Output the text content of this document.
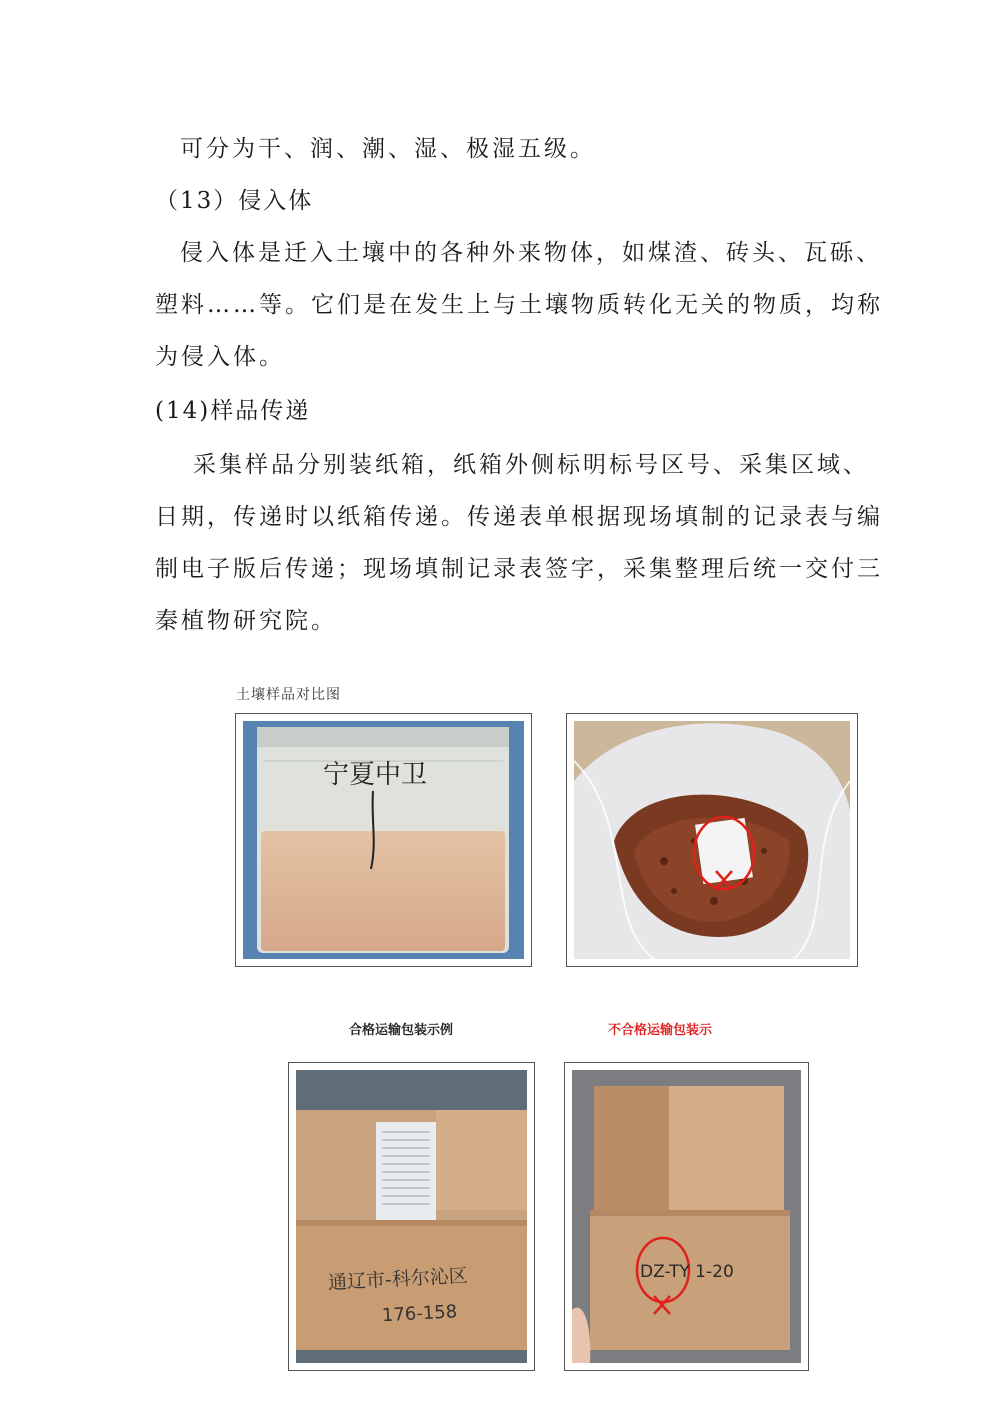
可分为干、润、潮、湿、极湿五级。
（13）侵入体
侵入体是迁入土壤中的各种外来物体，如煤渣、砖头、瓦砾、
塑料……等。它们是在发生上与土壤物质转化无关的物质，均称
为侵入体。
(14)样品传递
采集样品分别装纸箱，纸箱外侧标明标号区号、采集区域、
日期，传递时以纸箱传递。传递表单根据现场填制的记录表与编
制电子版后传递；现场填制记录表签字，采集整理后统一交付三
秦植物研究院。
土壤样品对比图
宁夏中卫
合格运输包装示例	不合格运输包装示
通辽市-科尔沁区
176-158
DZ-TY 1-20
